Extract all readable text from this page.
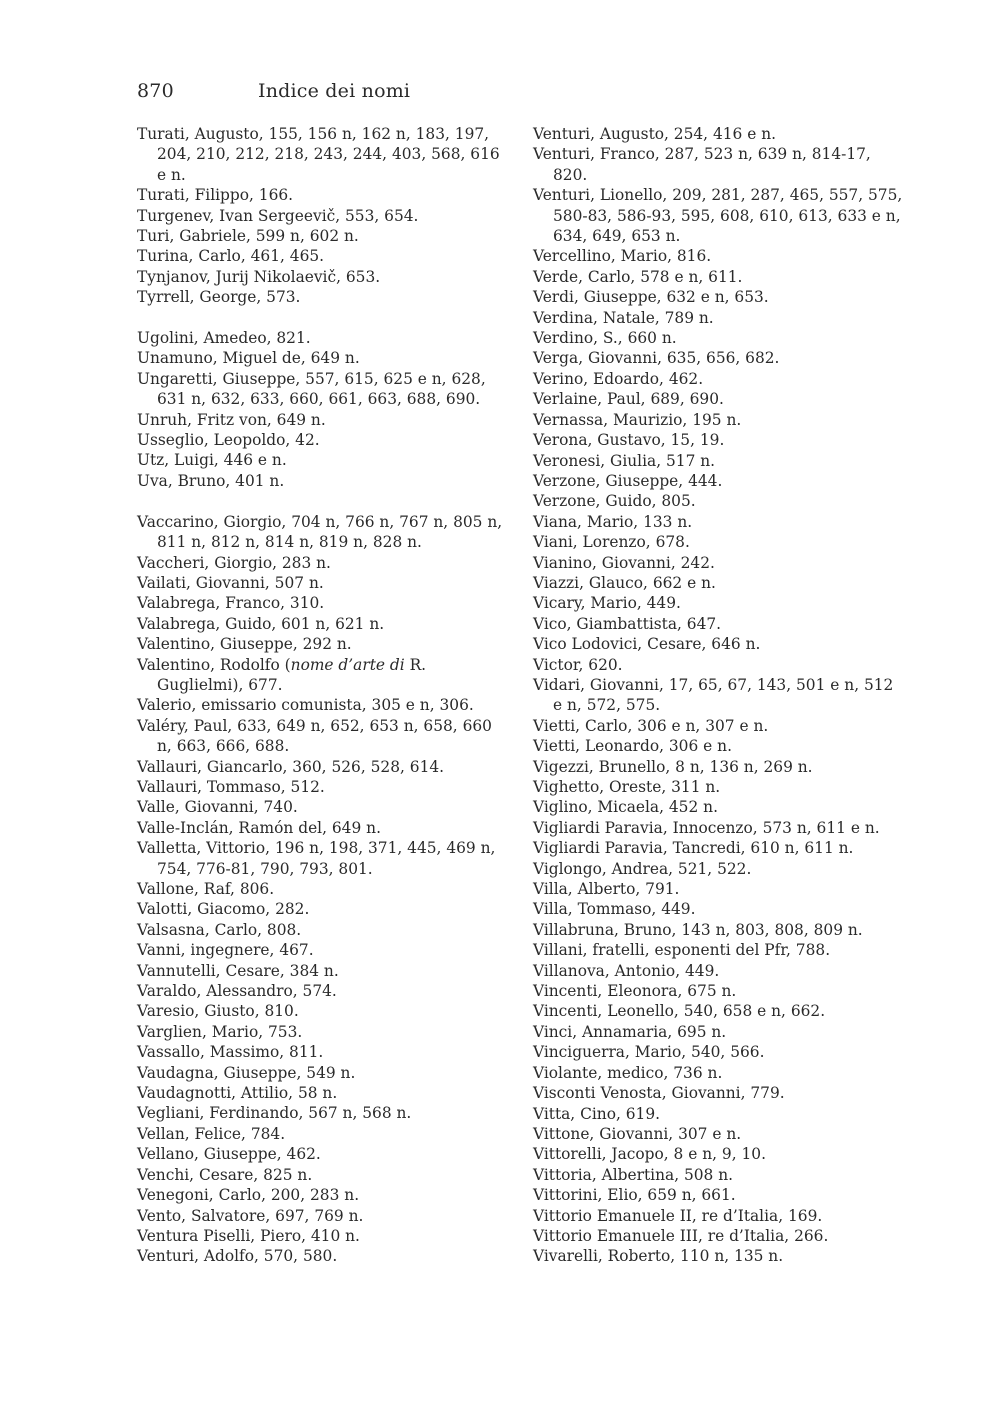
870	Indice dei nomi

Turati, Augusto, 155, 156 n, 162 n, 183, 197, 204, 210, 212, 218, 243, 244, 403, 568, 616 e n.

Turati, Filippo, 166.

Turgenev, Ivan Sergeevič, 553, 654.

Turi, Gabriele, 599 n, 602 n.

Turina, Carlo, 461, 465.

Tynjanov, Jurij Nikolaevič, 653.

Tyrrell, George, 573.

Ugolini, Amedeo, 821.

Unamuno, Miguel de, 649 n.

Ungaretti, Giuseppe, 557, 615, 625 e n, 628, 631 n, 632, 633, 660, 661, 663, 688, 690.

Unruh, Fritz von, 649 n.

Usseglio, Leopoldo, 42.

Utz, Luigi, 446 e n.

Uva, Bruno, 401 n.

Vaccarino, Giorgio, 704 n, 766 n, 767 n, 805 n, 811 n, 812 n, 814 n, 819 n, 828 n.

Vaccheri, Giorgio, 283 n.

Vailati, Giovanni, 507 n.

Valabrega, Franco, 310.

Valabrega, Guido, 601 n, 621 n.

Valentino, Giuseppe, 292 n.

Valentino, Rodolfo (nome d’arte di R. Guglielmi), 677.

Valerio, emissario comunista, 305 e n, 306.

Valéry, Paul, 633, 649 n, 652, 653 n, 658, 660 n, 663, 666, 688.

Vallauri, Giancarlo, 360, 526, 528, 614.

Vallauri, Tommaso, 512.

Valle, Giovanni, 740.

Valle-Inclán, Ramón del, 649 n.

Valletta, Vittorio, 196 n, 198, 371, 445, 469 n, 754, 776-81, 790, 793, 801.

Vallone, Raf, 806.

Valotti, Giacomo, 282.

Valsasna, Carlo, 808.

Vanni, ingegnere, 467.

Vannutelli, Cesare, 384 n.

Varaldo, Alessandro, 574.

Varesio, Giusto, 810.

Varglien, Mario, 753.

Vassallo, Massimo, 811.

Vaudagna, Giuseppe, 549 n.

Vaudagnotti, Attilio, 58 n.

Vegliani, Ferdinando, 567 n, 568 n.

Vellan, Felice, 784.

Vellano, Giuseppe, 462.

Venchi, Cesare, 825 n.

Venegoni, Carlo, 200, 283 n.

Vento, Salvatore, 697, 769 n.

Ventura Piselli, Piero, 410 n.

Venturi, Adolfo, 570, 580.

Venturi, Augusto, 254, 416 e n.

Venturi, Franco, 287, 523 n, 639 n, 814-17, 820.

Venturi, Lionello, 209, 281, 287, 465, 557, 575, 580-83, 586-93, 595, 608, 610, 613, 633 e n, 634, 649, 653 n.

Vercellino, Mario, 816.

Verde, Carlo, 578 e n, 611.

Verdi, Giuseppe, 632 e n, 653.

Verdina, Natale, 789 n.

Verdino, S., 660 n.

Verga, Giovanni, 635, 656, 682.

Verino, Edoardo, 462.

Verlaine, Paul, 689, 690.

Vernassa, Maurizio, 195 n.

Verona, Gustavo, 15, 19.

Veronesi, Giulia, 517 n.

Verzone, Giuseppe, 444.

Verzone, Guido, 805.

Viana, Mario, 133 n.

Viani, Lorenzo, 678.

Vianino, Giovanni, 242.

Viazzi, Glauco, 662 e n.

Vicary, Mario, 449.

Vico, Giambattista, 647.

Vico Lodovici, Cesare, 646 n.

Victor, 620.

Vidari, Giovanni, 17, 65, 67, 143, 501 e n, 512 e n, 572, 575.

Vietti, Carlo, 306 e n, 307 e n.

Vietti, Leonardo, 306 e n.

Vigezzi, Brunello, 8 n, 136 n, 269 n.

Vighetto, Oreste, 311 n.

Viglino, Micaela, 452 n.

Vigliardi Paravia, Innocenzo, 573 n, 611 e n.

Vigliardi Paravia, Tancredi, 610 n, 611 n.

Viglongo, Andrea, 521, 522.

Villa, Alberto, 791.

Villa, Tommaso, 449.

Villabruna, Bruno, 143 n, 803, 808, 809 n.

Villani, fratelli, esponenti del Pfr, 788.

Villanova, Antonio, 449.

Vincenti, Eleonora, 675 n.

Vincenti, Leonello, 540, 658 e n, 662.

Vinci, Annamaria, 695 n.

Vinciguerra, Mario, 540, 566.

Violante, medico, 736 n.

Visconti Venosta, Giovanni, 779.

Vitta, Cino, 619.

Vittone, Giovanni, 307 e n.

Vittorelli, Jacopo, 8 e n, 9, 10.

Vittoria, Albertina, 508 n.

Vittorini, Elio, 659 n, 661.

Vittorio Emanuele II, re d’Italia, 169.

Vittorio Emanuele III, re d’Italia, 266.

Vivarelli, Roberto, 110 n, 135 n.
